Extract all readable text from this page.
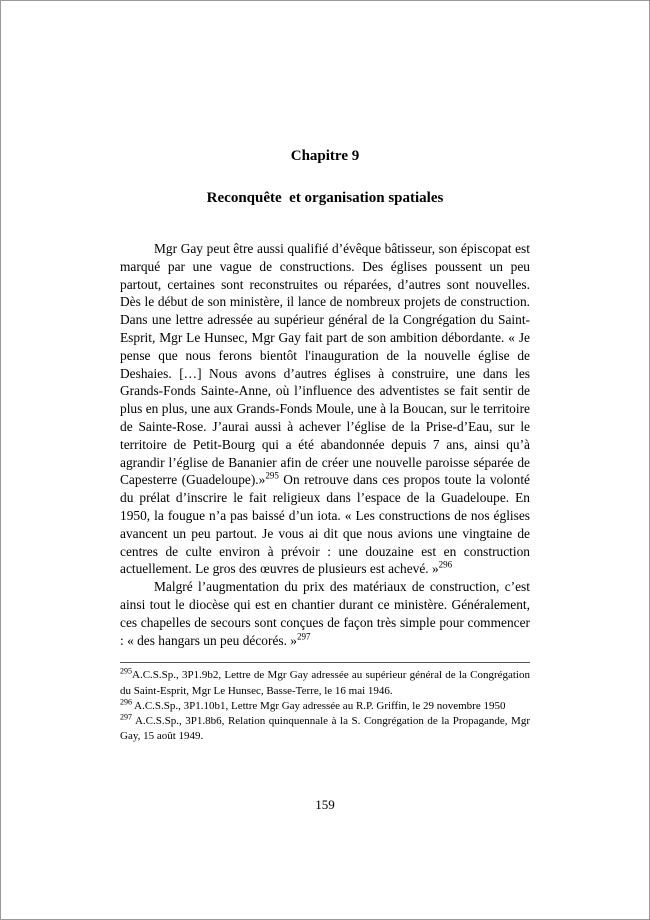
Chapitre 9
Reconquête  et organisation spatiales

Mgr Gay peut être aussi qualifié d’évêque bâtisseur, son épiscopat est marqué par une vague de constructions. Des églises poussent un peu partout, certaines sont reconstruites ou réparées, d’autres sont nouvelles. Dès le début de son ministère, il lance de nombreux projets de construction. Dans une lettre adressée au supérieur général de la Congrégation du Saint-Esprit, Mgr Le Hunsec, Mgr Gay fait part de son ambition débordante. « Je pense que nous ferons bientôt l'inauguration de la nouvelle église de Deshaies. […] Nous avons d’autres églises à construire, une dans les Grands-Fonds Sainte-Anne, où l’influence des adventistes se fait sentir de plus en plus, une aux Grands-Fonds Moule, une à la Boucan, sur le territoire de Sainte-Rose. J’aurai aussi à achever l’église de la Prise-d’Eau, sur le territoire de Petit-Bourg qui a été abandonnée depuis 7 ans, ainsi qu’à agrandir l’église de Bananier afin de créer une nouvelle paroisse séparée de Capesterre (Guadeloupe).»$^{295}$ On retrouve dans ces propos toute la volonté du prélat d’inscrire le fait religieux dans l’espace de la Guadeloupe. En 1950, la fougue n’a pas baissé d’un iota. « Les constructions de nos églises avancent un peu partout. Je vous ai dit que nous avions une vingtaine de centres de culte environ à prévoir : une douzaine est en construction actuellement. Le gros des œuvres de plusieurs est achevé. »$^{296}$

Malgré l’augmentation du prix des matériaux de construction, c’est ainsi tout le diocèse qui est en chantier durant ce ministère. Généralement, ces chapelles de secours sont conçues de façon très simple pour commencer : « des hangars un peu décorés. »$^{297}$

$^{295}$A.C.S.Sp., 3P1.9b2, Lettre de Mgr Gay adressée au supérieur général de la Congrégation du Saint-Esprit, Mgr Le Hunsec, Basse-Terre, le 16 mai 1946.

$^{296}$ A.C.S.Sp., 3P1.10b1, Lettre Mgr Gay adressée au R.P. Griffin, le 29 novembre 1950

$^{297}$ A.C.S.Sp., 3P1.8b6, Relation quinquennale à la S. Congrégation de la Propagande, Mgr Gay, 15 août 1949.

159
